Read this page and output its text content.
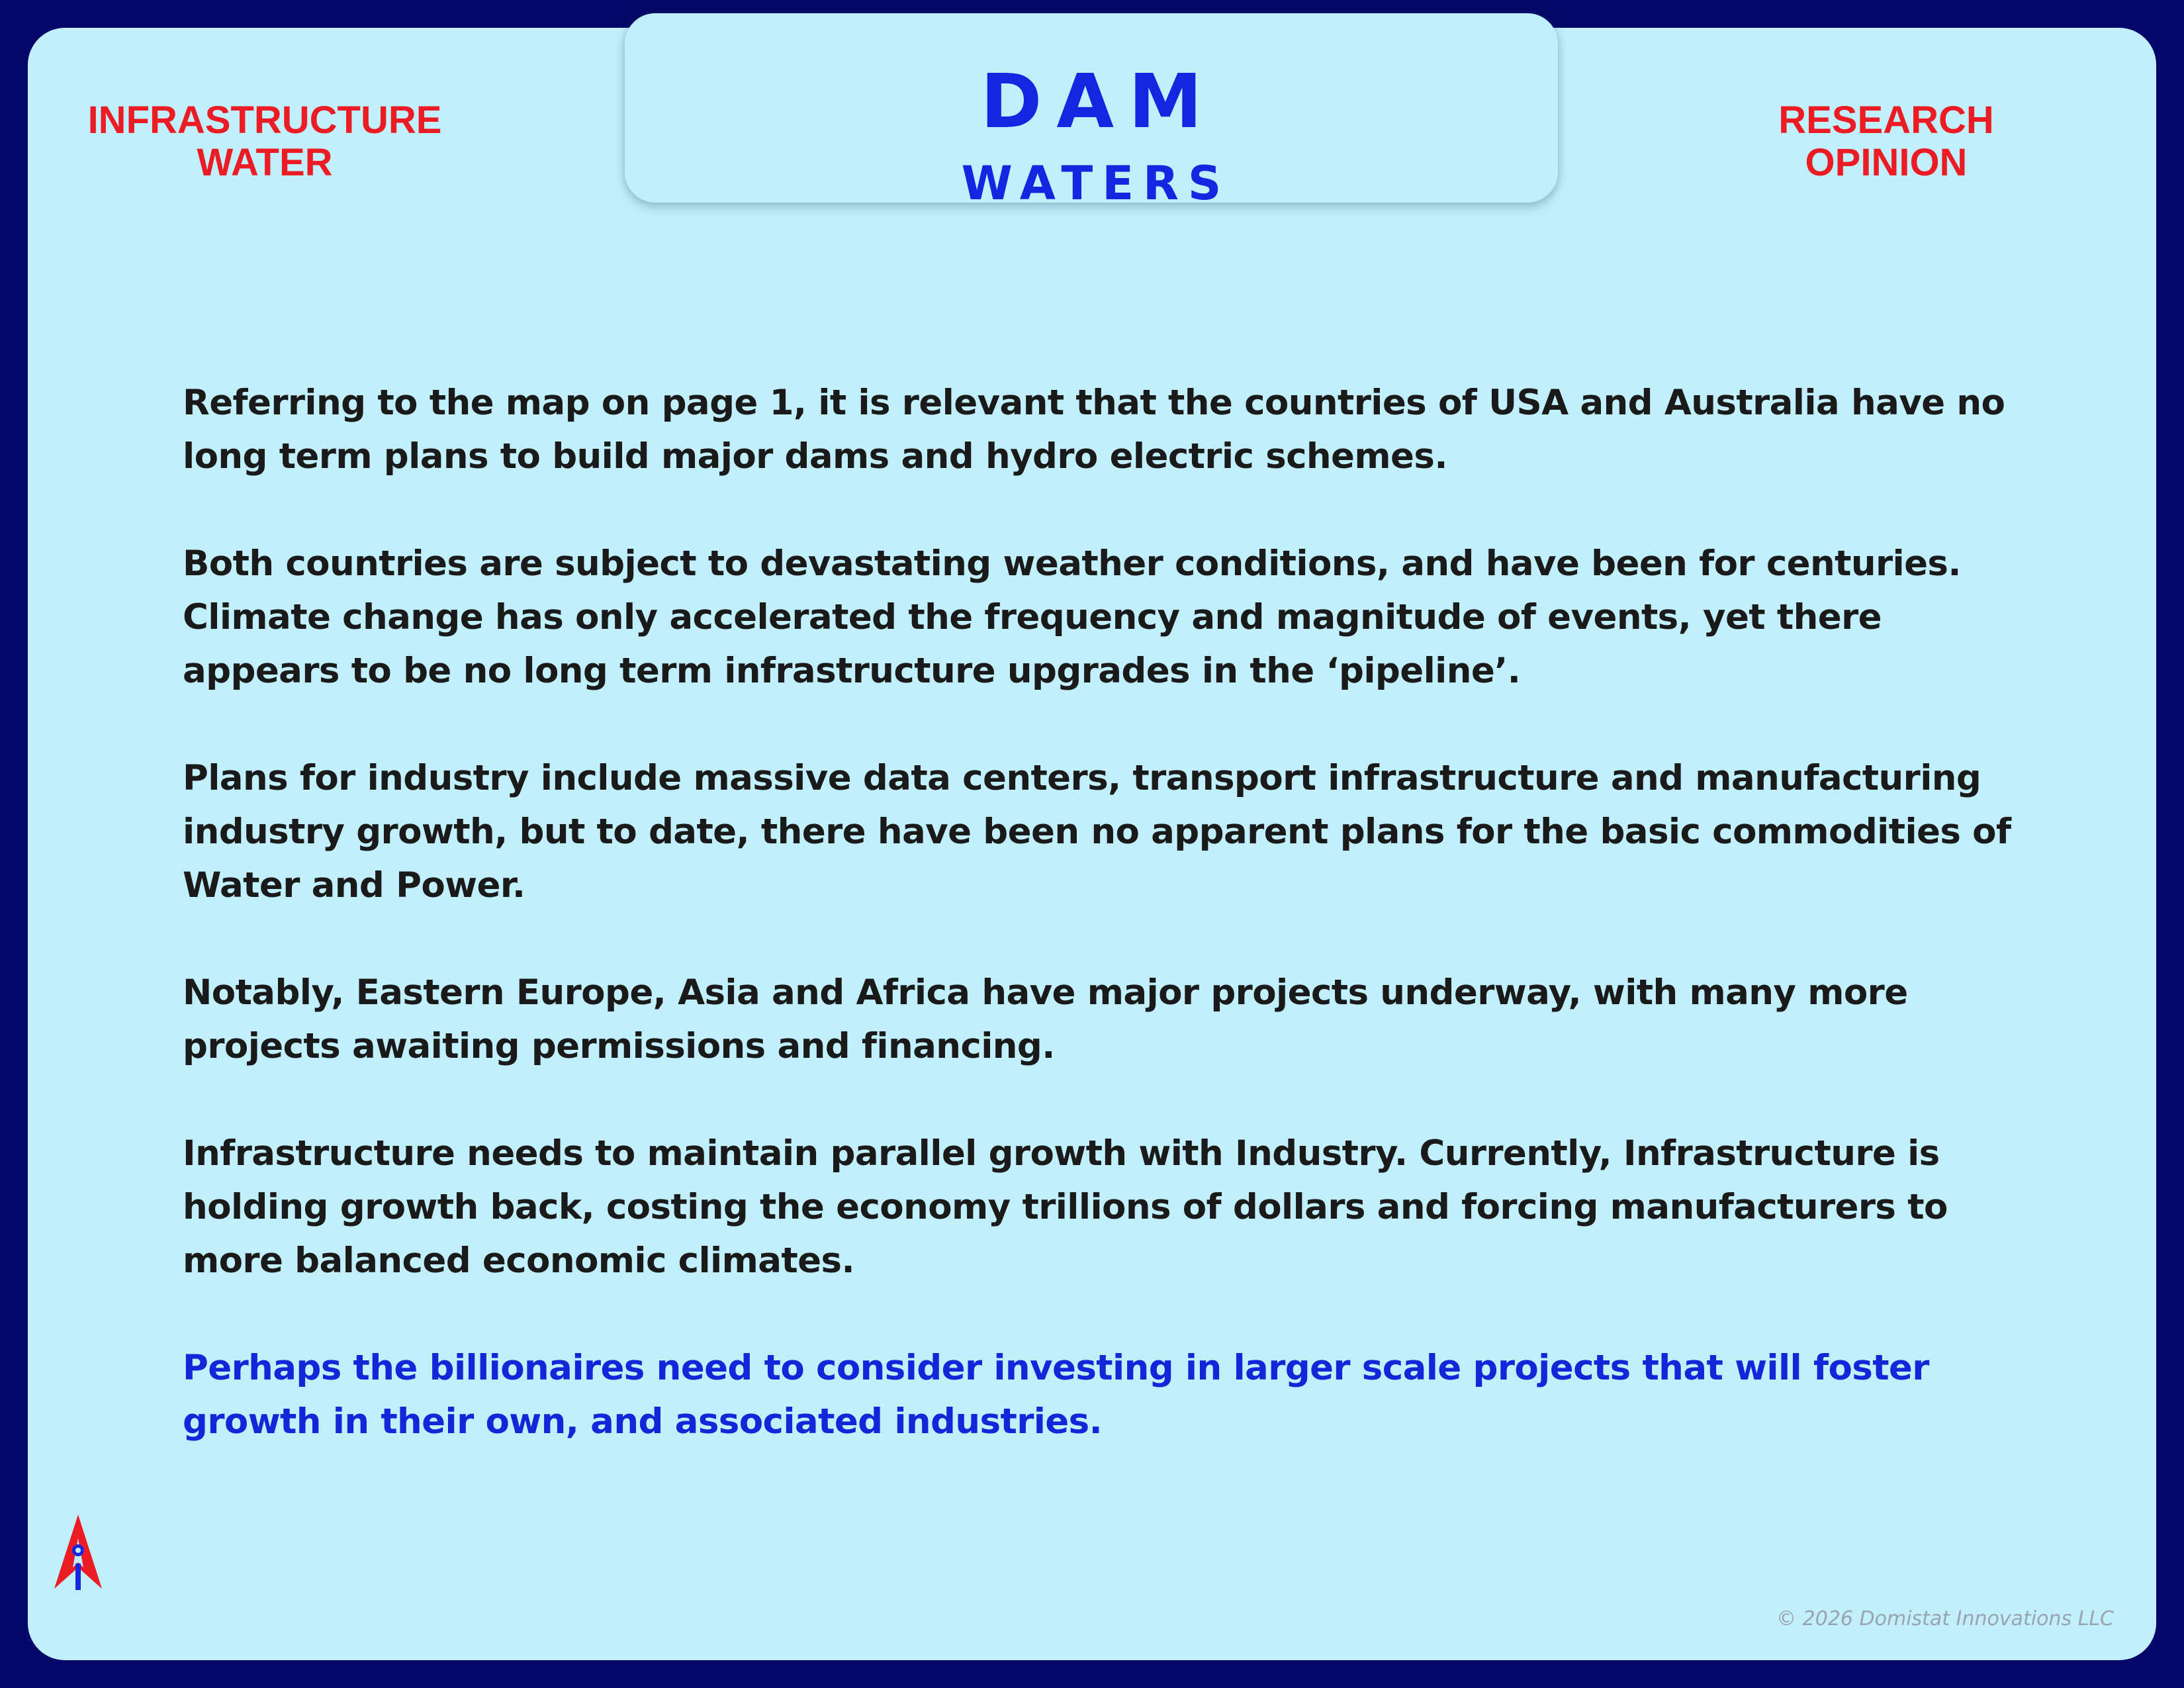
DAM
WATERS
INFRASTRUCTURE
WATER
RESEARCH
OPINION

Referring to the map on page 1, it is relevant that the countries of USA and Australia have no long term plans to build major dams and hydro electric schemes.

Both countries are subject to devastating weather conditions, and have been for centuries. Climate change has only accelerated the frequency and magnitude of events, yet there appears to be no long term infrastructure upgrades in the ‘pipeline’.

Plans for industry include massive data centers, transport infrastructure and manufacturing industry growth, but to date, there have been no apparent plans for the basic commodities of Water and Power.

Notably, Eastern Europe, Asia and Africa have major projects underway, with many more projects awaiting permissions and financing.

Infrastructure needs to maintain parallel growth with Industry. Currently, Infrastructure is holding growth back, costing the economy trillions of dollars and forcing manufacturers to more balanced economic climates.

Perhaps the billionaires need to consider investing in larger scale projects that will foster growth in their own, and associated industries.

© 2026 Domistat Innovations LLC
